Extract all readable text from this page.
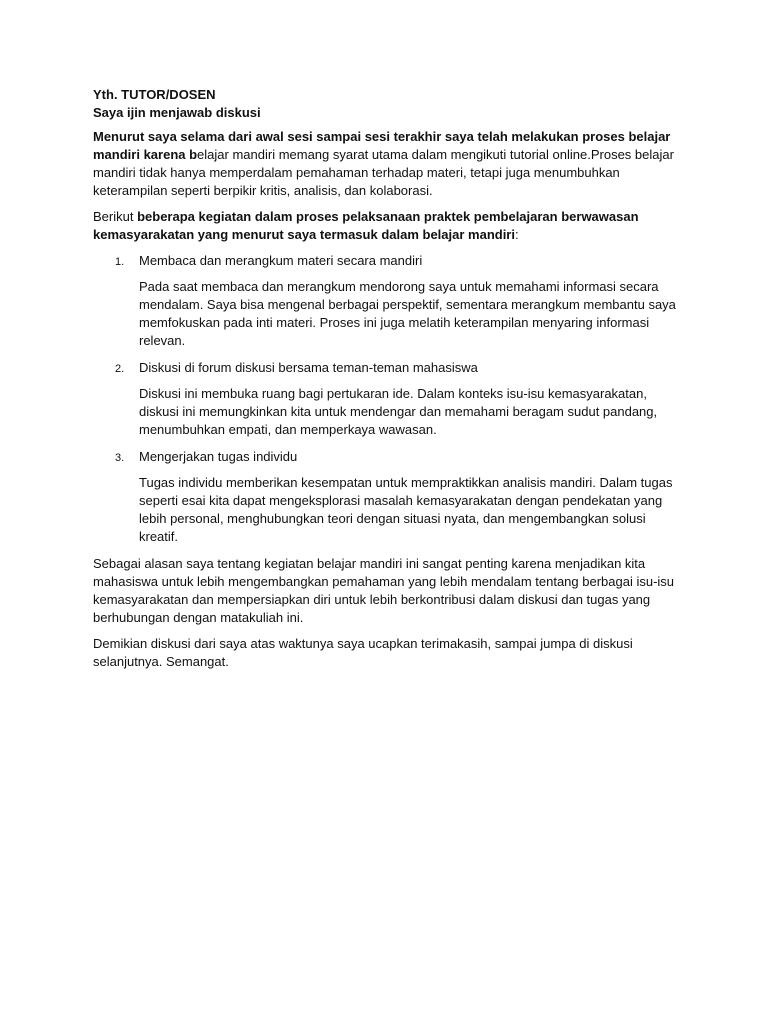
Yth. TUTOR/DOSEN

Saya ijin menjawab diskusi

Menurut saya selama dari awal sesi sampai sesi terakhir saya telah melakukan proses belajar mandiri karena belajar mandiri memang syarat utama dalam mengikuti tutorial online.Proses belajar mandiri tidak hanya memperdalam pemahaman terhadap materi, tetapi juga menumbuhkan keterampilan seperti berpikir kritis, analisis, dan kolaborasi.

Berikut beberapa kegiatan dalam proses pelaksanaan praktek pembelajaran berwawasan kemasyarakatan yang menurut saya termasuk dalam belajar mandiri:

1. Membaca dan merangkum materi secara mandiri
Pada saat membaca dan merangkum mendorong saya untuk memahami informasi secara mendalam. Saya bisa mengenal berbagai perspektif, sementara merangkum membantu saya memfokuskan pada inti materi. Proses ini juga melatih keterampilan menyaring informasi relevan.
2. Diskusi di forum diskusi bersama teman-teman mahasiswa
Diskusi ini membuka ruang bagi pertukaran ide. Dalam konteks isu-isu kemasyarakatan, diskusi ini memungkinkan kita untuk mendengar dan memahami beragam sudut pandang, menumbuhkan empati, dan memperkaya wawasan.
3. Mengerjakan tugas individu
Tugas individu memberikan kesempatan untuk mempraktikkan analisis mandiri. Dalam tugas seperti esai kita dapat mengeksplorasi masalah kemasyarakatan dengan pendekatan yang lebih personal, menghubungkan teori dengan situasi nyata, dan mengembangkan solusi kreatif.

Sebagai alasan saya tentang kegiatan belajar mandiri ini sangat penting karena menjadikan kita mahasiswa untuk lebih mengembangkan pemahaman yang lebih mendalam tentang berbagai isu-isu kemasyarakatan dan mempersiapkan diri untuk lebih berkontribusi dalam diskusi dan tugas yang berhubungan dengan matakuliah ini.

Demikian diskusi dari saya atas waktunya saya ucapkan terimakasih, sampai jumpa di diskusi selanjutnya. Semangat.
